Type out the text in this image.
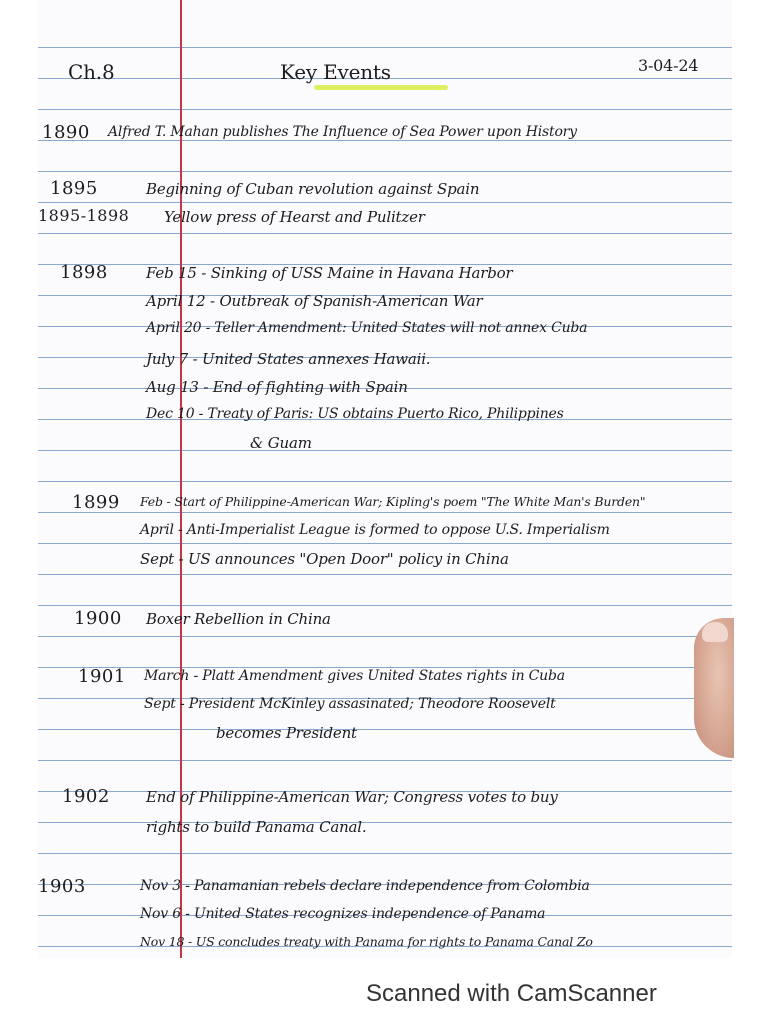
Ch.8	Key Events	3-04-24
1890 Alfred T. Mahan publishes The Influence of Sea Power upon History
1895	Beginning of Cuban revolution against Spain
1895-1898 Yellow press of Hearst and Pulitzer
1898	Feb 15 - Sinking of USS Maine in Havana Harbor
April 12 - Outbreak of Spanish-American War
April 20 - Teller Amendment: United States will not annex Cuba
July 7 - United States annexes Hawaii.
Aug 13 - End of fighting with Spain
Dec 10 - Treaty of Paris: US obtains Puerto Rico, Philippines
& Guam
1899 Feb - Start of Philippine-American War; Kipling's poem "The White Man's Burden"
April - Anti-Imperialist League is formed to oppose U.S. Imperialism
Sept - US announces "Open Door" policy in China
1900 Boxer Rebellion in China
1901 March - Platt Amendment gives United States rights in Cuba
Sept - President McKinley assasinated; Theodore Roosevelt
becomes President
1902 End of Philippine-American War; Congress votes to buy
rights to build Panama Canal.
1903	Nov 3 - Panamanian rebels declare independence from Colombia
Nov 6 - United States recognizes independence of Panama
Nov 18 - US concludes treaty with Panama for rights to Panama Canal Zo
Scanned with CamScanner
